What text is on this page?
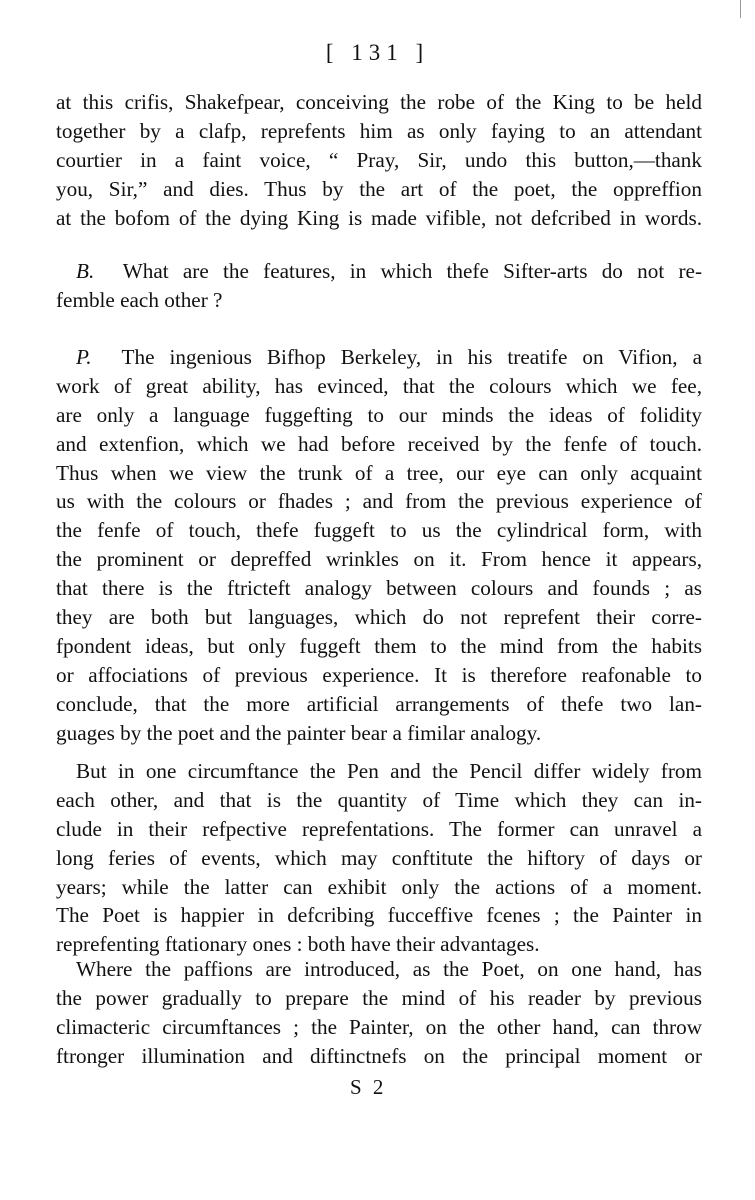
[ 131 ]
at this crifis, Shakefpear, conceiving the robe of the King to be held
together by a clafp, reprefents him as only faying to an attendant
courtier in a faint voice, “ Pray, Sir, undo this button,—thank
you, Sir,” and dies. Thus by the art of the poet, the oppreffion
at the bofom of the dying King is made vifible, not defcribed in words.
B. What are the features, in which thefe Sifter-arts do not re-
femble each other ?
P. The ingenious Bifhop Berkeley, in his treatife on Vifion, a
work of great ability, has evinced, that the colours which we fee,
are only a language fuggefting to our minds the ideas of folidity
and extenfion, which we had before received by the fenfe of touch.
Thus when we view the trunk of a tree, our eye can only acquaint
us with the colours or fhades ; and from the previous experience of
the fenfe of touch, thefe fuggeft to us the cylindrical form, with
the prominent or depreffed wrinkles on it. From hence it appears,
that there is the ftricteft analogy between colours and founds ; as
they are both but languages, which do not reprefent their corre-
fpondent ideas, but only fuggeft them to the mind from the habits
or affociations of previous experience. It is therefore reafonable to
conclude, that the more artificial arrangements of thefe two lan-
guages by the poet and the painter bear a fimilar analogy.
But in one circumftance the Pen and the Pencil differ widely from
each other, and that is the quantity of Time which they can in-
clude in their refpective reprefentations. The former can unravel a
long feries of events, which may conftitute the hiftory of days or
years; while the latter can exhibit only the actions of a moment.
The Poet is happier in defcribing fucceffive fcenes ; the Painter in
reprefenting ftationary ones : both have their advantages.
Where the paffions are introduced, as the Poet, on one hand, has
the power gradually to prepare the mind of his reader by previous
climacteric circumftances ; the Painter, on the other hand, can throw
ftronger illumination and diftinctnefs on the principal moment or
S 2
